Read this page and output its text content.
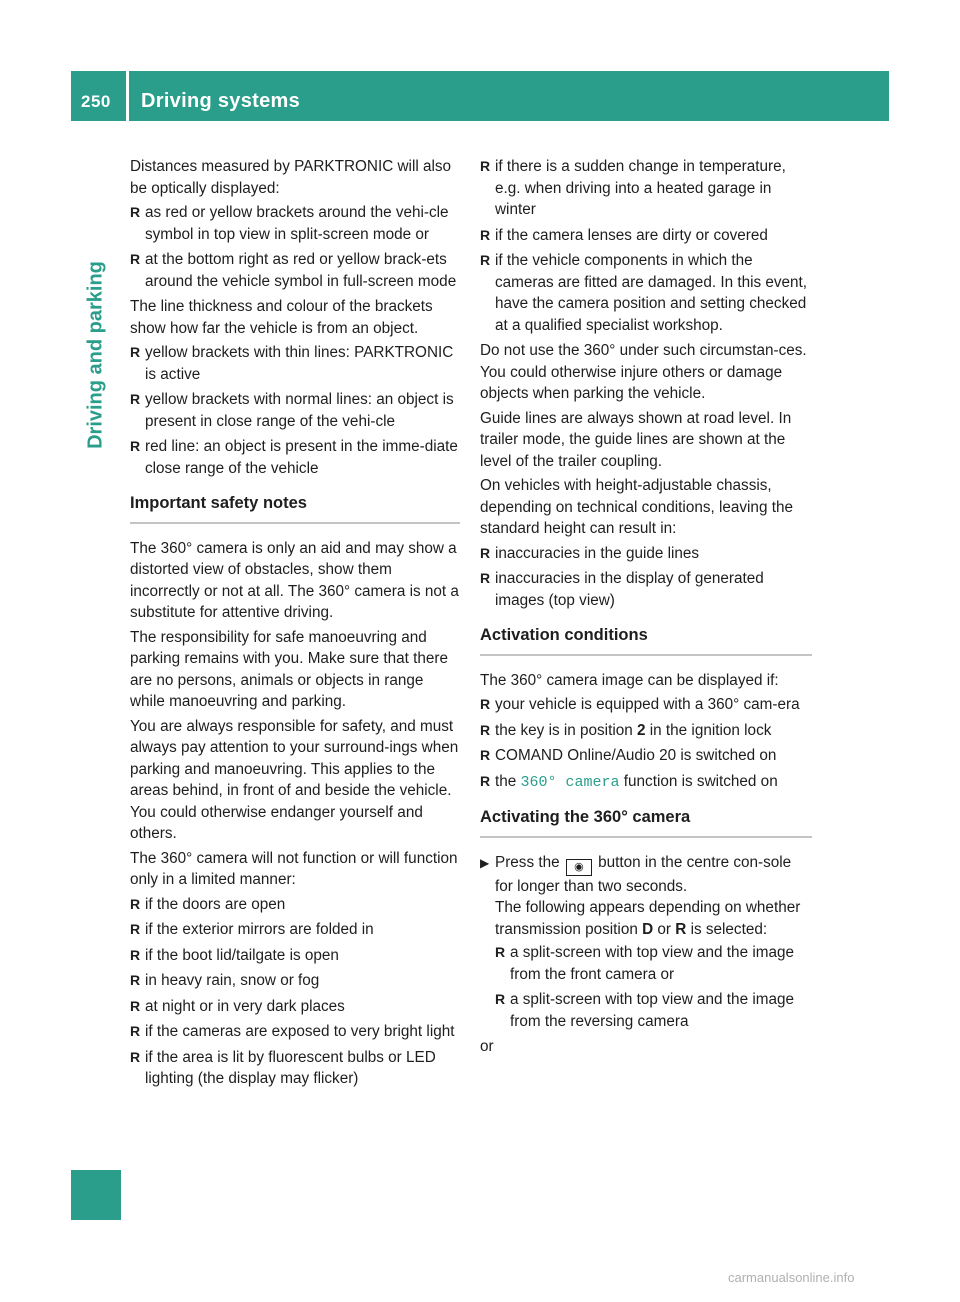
250 Driving systems
Driving and parking

Distances measured by PARKTRONIC will also be optically displayed:

R as red or yellow brackets around the vehi-cle symbol in top view in split-screen mode or
R at the bottom right as red or yellow brack-ets around the vehicle symbol in full-screen mode

The line thickness and colour of the brackets show how far the vehicle is from an object.

R yellow brackets with thin lines: PARKTRONIC is active
R yellow brackets with normal lines: an object is present in close range of the vehi-cle
R red line: an object is present in the imme-diate close range of the vehicle
Important safety notes

The 360° camera is only an aid and may show a distorted view of obstacles, show them incorrectly or not at all. The 360° camera is not a substitute for attentive driving.

The responsibility for safe manoeuvring and parking remains with you. Make sure that there are no persons, animals or objects in range while manoeuvring and parking.

You are always responsible for safety, and must always pay attention to your surround-ings when parking and manoeuvring. This applies to the areas behind, in front of and beside the vehicle. You could otherwise endanger yourself and others.

The 360° camera will not function or will function only in a limited manner:

R if the doors are open
R if the exterior mirrors are folded in
R if the boot lid/tailgate is open
R in heavy rain, snow or fog
R at night or in very dark places
R if the cameras are exposed to very bright light
R if the area is lit by fluorescent bulbs or LED lighting (the display may flicker)
R if there is a sudden change in temperature, e.g. when driving into a heated garage in winter
R if the camera lenses are dirty or covered
R if the vehicle components in which the cameras are fitted are damaged. In this event, have the camera position and setting checked at a qualified specialist workshop.

Do not use the 360° under such circumstan-ces. You could otherwise injure others or damage objects when parking the vehicle.

Guide lines are always shown at road level. In trailer mode, the guide lines are shown at the level of the trailer coupling.

On vehicles with height-adjustable chassis, depending on technical conditions, leaving the standard height can result in:

R inaccuracies in the guide lines
R inaccuracies in the display of generated images (top view)
Activation conditions

The 360° camera image can be displayed if:

R your vehicle is equipped with a 360° cam-era
R the key is in position 2 in the ignition lock
R COMAND Online/Audio 20 is switched on
R the 360° camera function is switched on
Activating the 360° camera
▶ Press the ◉ button in the centre con-sole for longer than two seconds.
The following appears depending on whether transmission position D or R is selected:
R a split-screen with top view and the image from the front camera or
R a split-screen with top view and the image from the reversing camera

or

carmanualsonline.info
